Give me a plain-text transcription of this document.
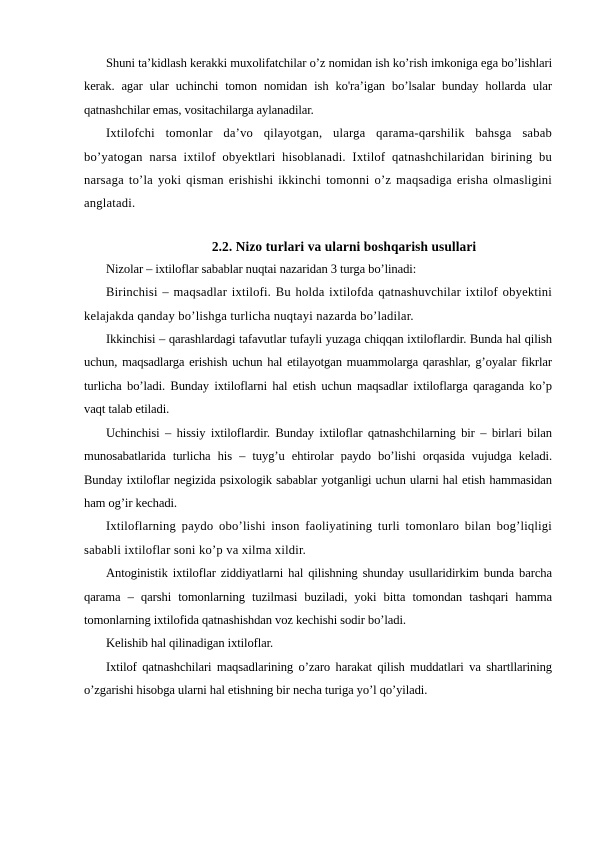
Shuni ta’kidlash kerakki muxolifatchilar o’z nomidan ish ko’rish imkoniga ega bo’lishlari kerak. agar ular uchinchi tomon nomidan ish ko'ra’igan bo’lsalar bunday hollarda ular qatnashchilar emas, vositachilarga aylanadilar.

Ixtilofchi tomonlar da’vo qilayotgan, ularga qarama-qarshilik bahsga sabab bo’yatogan narsa ixtilof obyektlari hisoblanadi. Ixtilof qatnashchilaridan birining bu narsaga to’la yoki qisman erishishi ikkinchi tomonni o’z maqsadiga erisha olmasligini anglatadi.

2.2. Nizo turlari va ularni boshqarish usullari

Nizolar – ixtiloflar sabablar nuqtai nazaridan 3 turga bo’linadi:

Birinchisi – maqsadlar ixtilofi. Bu holda ixtilofda qatnashuvchilar ixtilof obyektini kelajakda qanday bo’lishga turlicha nuqtayi nazarda bo’ladilar.

Ikkinchisi – qarashlardagi tafavutlar tufayli yuzaga chiqqan ixtiloflardir. Bunda hal qilish uchun, maqsadlarga erishish uchun hal etilayotgan muammolarga qarashlar, g’oyalar fikrlar turlicha bo’ladi. Bunday ixtiloflarni hal etish uchun maqsadlar ixtiloflarga qaraganda ko’p vaqt talab etiladi.

Uchinchisi – hissiy ixtiloflardir. Bunday ixtiloflar qatnashchilarning bir – birlari bilan munosabatlarida turlicha his – tuyg’u ehtirolar paydo bo’lishi orqasida vujudga keladi. Bunday ixtiloflar negizida psixologik sabablar yotganligi uchun ularni hal etish hammasidan ham og’ir kechadi.

Ixtiloflarning paydo obo’lishi inson faoliyatining turli tomonlaro bilan bog’liqligi sababli ixtiloflar soni ko’p va xilma xildir.

Antoginistik ixtiloflar ziddiyatlarni hal qilishning shunday usullaridirkim bunda barcha qarama – qarshi tomonlarning tuzilmasi buziladi, yoki bitta tomondan tashqari hamma tomonlarning ixtilofida qatnashishdan voz kechishi sodir bo’ladi.

Kelishib hal qilinadigan ixtiloflar.

Ixtilof qatnashchilari maqsadlarining o’zaro harakat qilish muddatlari va shartllarining o’zgarishi hisobga ularni hal etishning bir necha turiga yo’l qo’yiladi.
